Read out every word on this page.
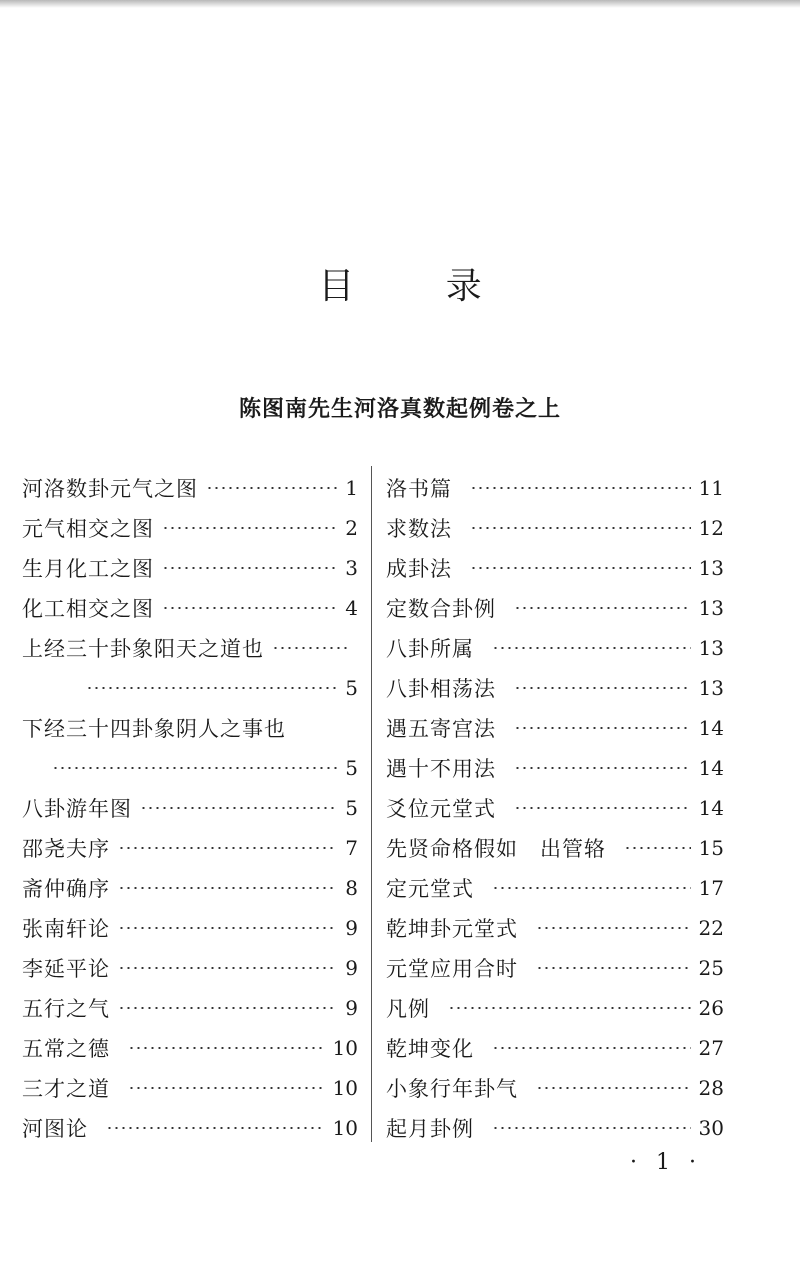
目 录
陈图南先生河洛真数起例卷之上
河洛数卦元气之图	1
元气相交之图	2
生月化工之图	3
化工相交之图	4
上经三十卦象阳天之道也
5
下经三十四卦象阴人之事也
5
八卦游年图	5
邵尧夫序	7
斋仲确序	8
张南轩论	9
李延平论	9
五行之气	9
五常之德	10
三才之道	10
河图论	10
洛书篇	11
求数法	12
成卦法	13
定数合卦例	13
八卦所属	13
八卦相荡法	13
遇五寄宫法	14
遇十不用法	14
爻位元堂式	14
先贤命格假如　出管辂	15
定元堂式	17
乾坤卦元堂式	22
元堂应用合时	25
凡例	26
乾坤变化	27
小象行年卦气	28
起月卦例	30
· 1 ·
